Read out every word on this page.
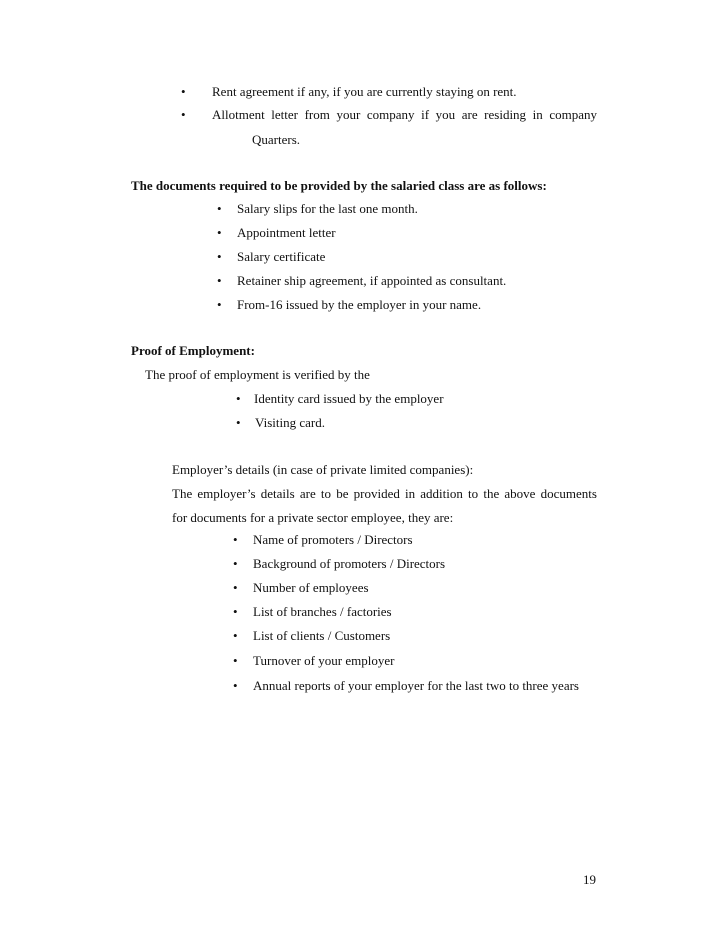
• Rent agreement if any, if you are currently staying on rent.
• Allotment letter from your company if you are residing in company
Quarters.
The documents required to be provided by the salaried class are as follows:
• Salary slips for the last one month.
• Appointment letter
• Salary certificate
• Retainer ship agreement, if appointed as consultant.
• From-16 issued by the employer in your name.
Proof of Employment:
The proof of employment is verified by the
• Identity card issued by the employer
• Visiting card.
Employer’s details (in case of private limited companies):
The employer’s details are to be provided in addition to the above documents
for documents for a private sector employee, they are:
• Name of promoters / Directors
• Background of promoters / Directors
• Number of employees
• List of branches / factories
• List of clients / Customers
• Turnover of your employer
• Annual reports of your employer for the last two to three years
19
